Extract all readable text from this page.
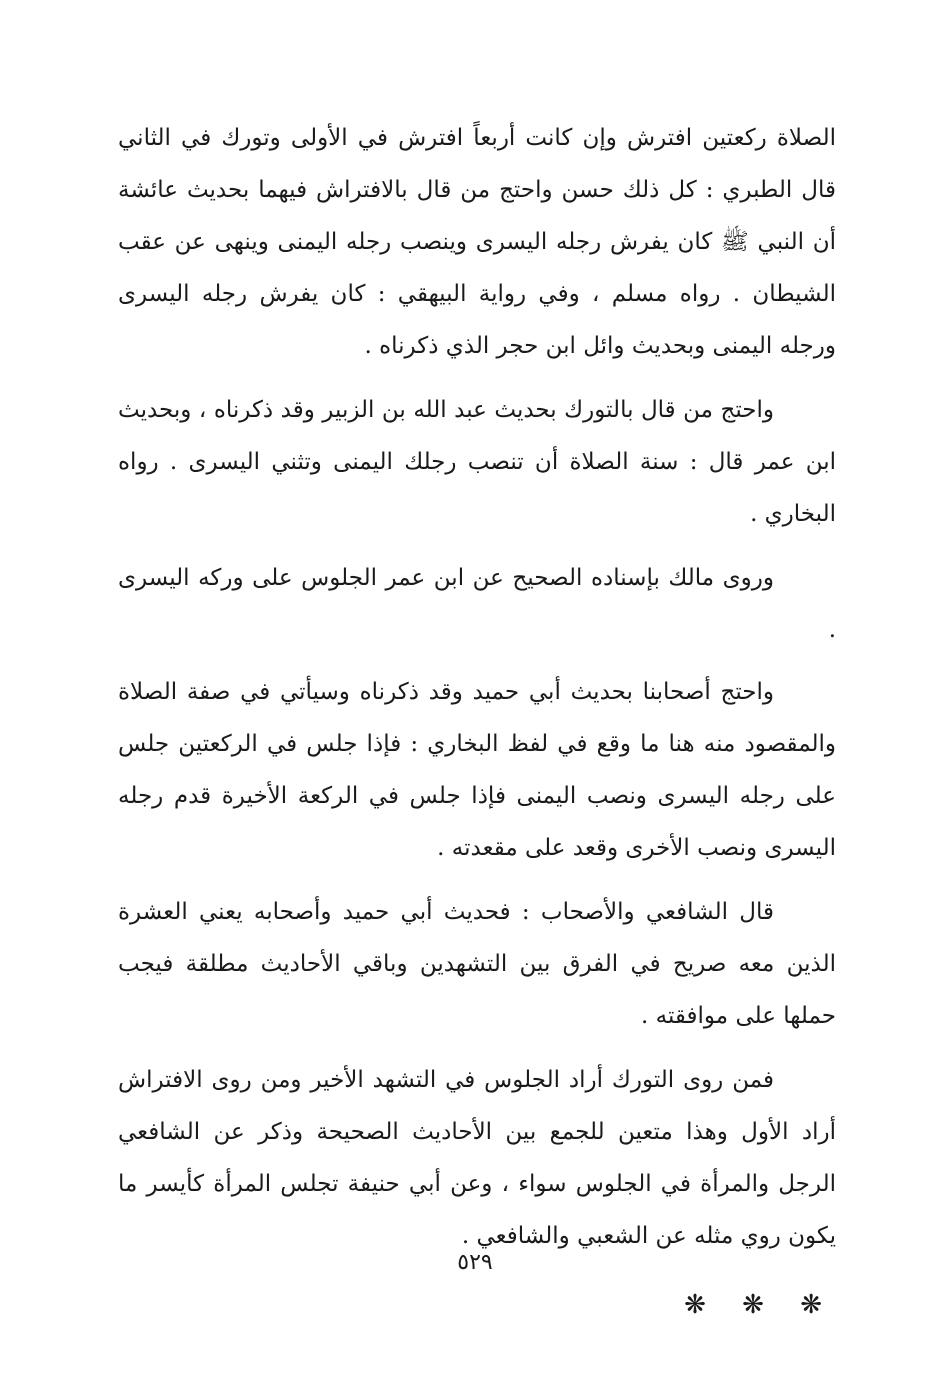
الصلاة ركعتين افترش وإن كانت أربعاً افترش في الأولى وتورك في الثاني قال الطبري : كل ذلك حسن واحتج من قال بالافتراش فيهما بحديث عائشة أن النبي ﷺ كان يفرش رجله اليسرى وينصب رجله اليمنى وينهى عن عقب الشيطان . رواه مسلم ، وفي رواية البيهقي : كان يفرش رجله اليسرى ورجله اليمنى وبحديث وائل ابن حجر الذي ذكرناه .

واحتج من قال بالتورك بحديث عبد الله بن الزبير وقد ذكرناه ، وبحديث ابن عمر قال : سنة الصلاة أن تنصب رجلك اليمنى وتثني اليسرى . رواه البخاري .

وروى مالك بإسناده الصحيح عن ابن عمر الجلوس على وركه اليسرى .

واحتج أصحابنا بحديث أبي حميد وقد ذكرناه وسيأتي في صفة الصلاة والمقصود منه هنا ما وقع في لفظ البخاري : فإذا جلس في الركعتين جلس على رجله اليسرى ونصب اليمنى فإذا جلس في الركعة الأخيرة قدم رجله اليسرى ونصب الأخرى وقعد على مقعدته .

قال الشافعي والأصحاب : فحديث أبي حميد وأصحابه يعني العشرة الذين معه صريح في الفرق بين التشهدين وباقي الأحاديث مطلقة فيجب حملها على موافقته .

فمن روى التورك أراد الجلوس في التشهد الأخير ومن روى الافتراش أراد الأول وهذا متعين للجمع بين الأحاديث الصحيحة وذكر عن الشافعي الرجل والمرأة في الجلوس سواء ، وعن أبي حنيفة تجلس المرأة كأيسر ما يكون روي مثله عن الشعبي والشافعي .

❋ ❋ ❋
٥٢٩
